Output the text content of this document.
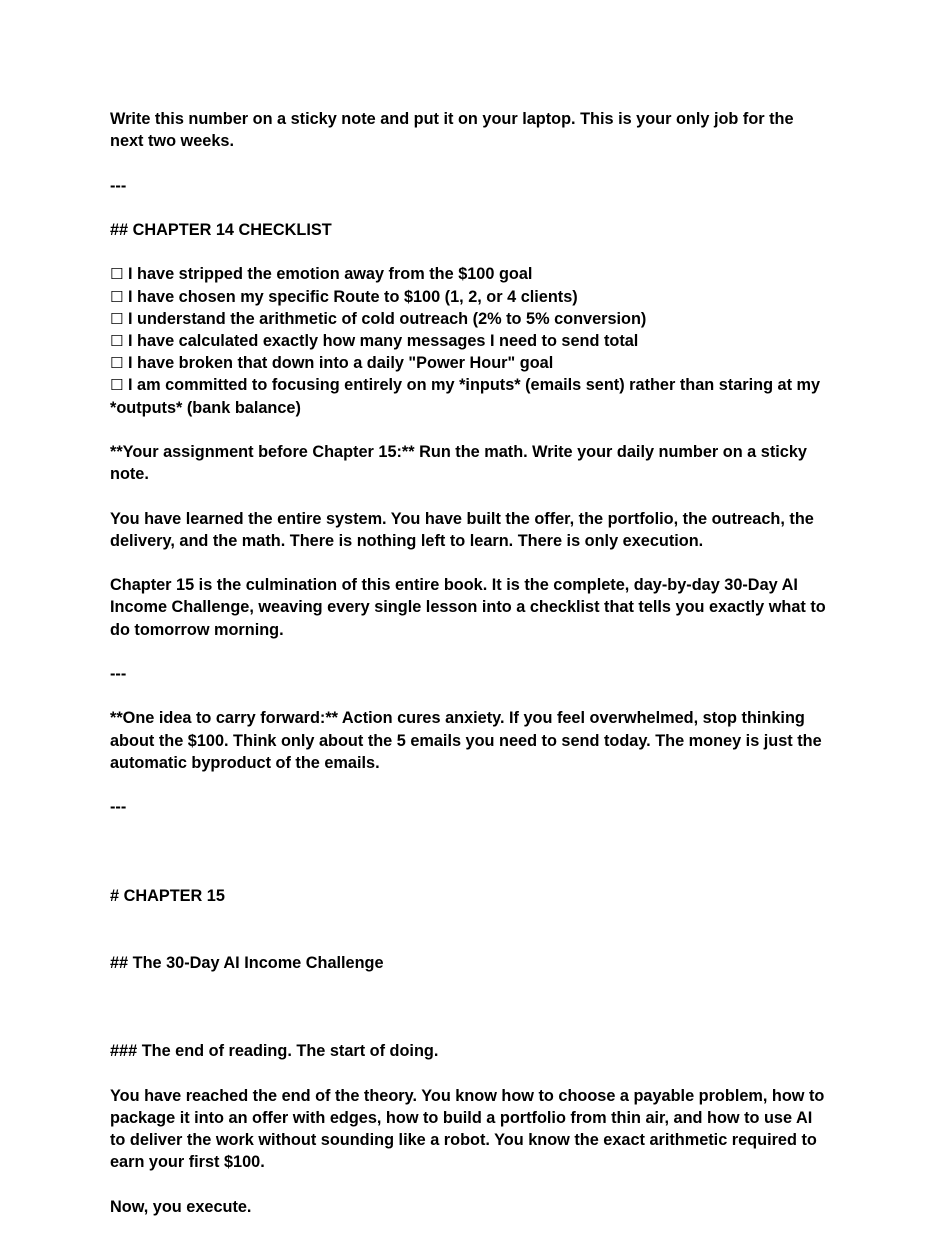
Write this number on a sticky note and put it on your laptop. This is your only job for the next two weeks.

---

## CHAPTER 14 CHECKLIST

☐ I have stripped the emotion away from the $100 goal
☐ I have chosen my specific Route to $100 (1, 2, or 4 clients)
☐ I understand the arithmetic of cold outreach (2% to 5% conversion)
☐ I have calculated exactly how many messages I need to send total
☐ I have broken that down into a daily "Power Hour" goal
☐ I am committed to focusing entirely on my *inputs* (emails sent) rather than staring at my *outputs* (bank balance)

**Your assignment before Chapter 15:** Run the math. Write your daily number on a sticky note.

You have learned the entire system. You have built the offer, the portfolio, the outreach, the delivery, and the math. There is nothing left to learn. There is only execution.

Chapter 15 is the culmination of this entire book. It is the complete, day-by-day 30-Day AI Income Challenge, weaving every single lesson into a checklist that tells you exactly what to do tomorrow morning.

---

**One idea to carry forward:** Action cures anxiety. If you feel overwhelmed, stop thinking about the $100. Think only about the 5 emails you need to send today. The money is just the automatic byproduct of the emails.

---

# CHAPTER 15

## The 30-Day AI Income Challenge

### The end of reading. The start of doing.

You have reached the end of the theory. You know how to choose a payable problem, how to package it into an offer with edges, how to build a portfolio from thin air, and how to use AI to deliver the work without sounding like a robot. You know the exact arithmetic required to earn your first $100.

Now, you execute.
